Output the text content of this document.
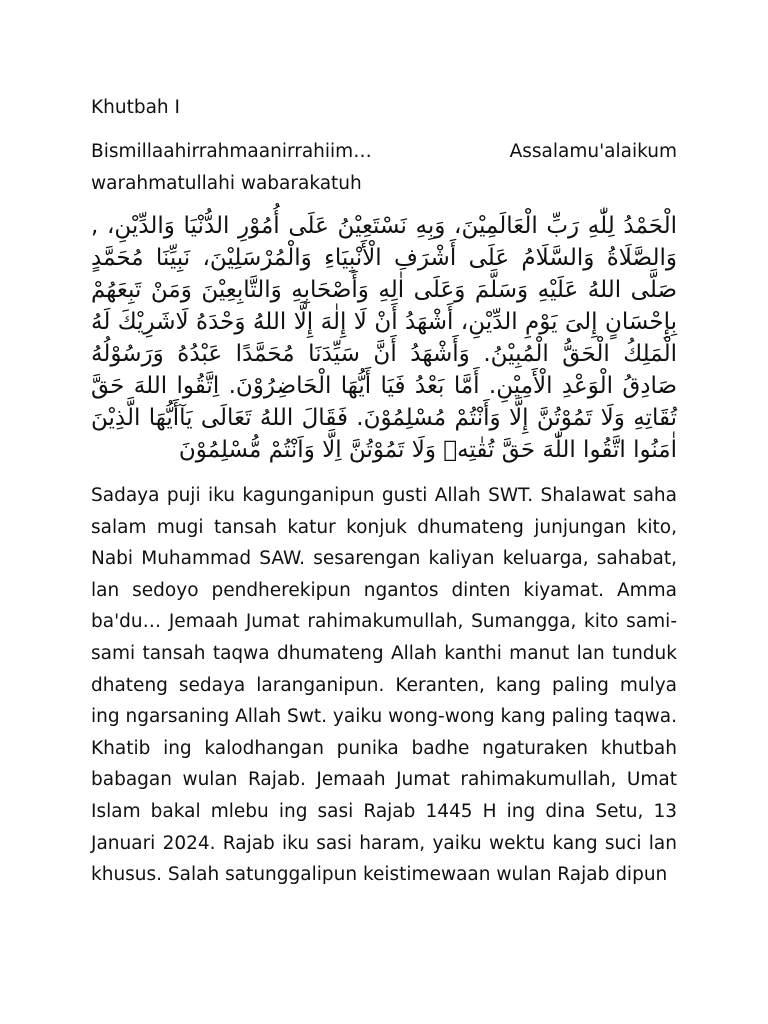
Khutbah I

Bismillaahirrahmaanirrahiim… Assalamu'alaikum warahmatullahi wabarakatuh

الْحَمْدُ لِلّٰهِ رَبِّ الْعَالَمِيْنَ، وَبِهِ نَسْتَعِيْنُ عَلَى أُمُوْرِ الدُّنْيَا وَالدِّيْنِ، , وَالصَّلَاةُ وَالسَّلَامُ عَلَى أَشْرَفِ الْأَنْبِيَاءِ وَالْمُرْسَلِيْنَ، نَبِيِّنَا مُحَمَّدٍ صَلَّى اللهُ عَلَيْهِ وَسَلَّمَ وَعَلَى اٰلِهِ وَأَصْحَابِهِ وَالتَّابِعِيْنَ وَمَنْ تَبِعَهُمْ بِإِحْسَانٍ إِلىَ يَوْمِ الدِّيْنِ، أَشْهَدُ أَنْ لَا إِلٰهَ إِلَّا اللهُ وَحْدَهُ لَاشَرِيْكَ لَهُ الْمَلِكُ الْحَقُّ الْمُبِيْنُ. وَأَشْهَدُ أَنَّ سَيِّدَنَا مُحَمَّدًا عَبْدُهُ وَرَسُوْلُهُ صَادِقُ الْوَعْدِ الْأَمِيْنِ. أَمَّا بَعْدُ فَيَا أَيُّهَا الْحَاضِرُوْنَ. اِتَّقُوا اللهَ حَقَّ تُقَاتِهِ وَلَا تَمُوْتُنَّ إِلَّا وَأَنْتُمْ مُسْلِمُوْنَ. فَقَالَ اللهُ تَعَالَى يَآأَيُّهَا الَّذِيْنَ اٰمَنُوا اتَّقُوا اللّٰهَ حَقَّ تُقٰتِهٖ وَلَا تَمُوْتُنَّ اِلَّا وَاَنْتُمْ مُّسْلِمُوْنَ

Sadaya puji iku kagunganipun gusti Allah SWT. Shalawat saha salam mugi tansah katur konjuk dhumateng junjungan kito, Nabi Muhammad SAW. sesarengan kaliyan keluarga, sahabat, lan sedoyo pendherekipun ngantos dinten kiyamat. Amma ba'du… Jemaah Jumat rahimakumullah, Sumangga, kito sami-sami tansah taqwa dhumateng Allah kanthi manut lan tunduk dhateng sedaya laranganipun. Keranten, kang paling mulya ing ngarsaning Allah Swt. yaiku wong-wong kang paling taqwa. Khatib ing kalodhangan punika badhe ngaturaken khutbah babagan wulan Rajab. Jemaah Jumat rahimakumullah, Umat Islam bakal mlebu ing sasi Rajab 1445 H ing dina Setu, 13 Januari 2024. Rajab iku sasi haram, yaiku wektu kang suci lan khusus. Salah satunggalipun keistimewaan wulan Rajab dipun
